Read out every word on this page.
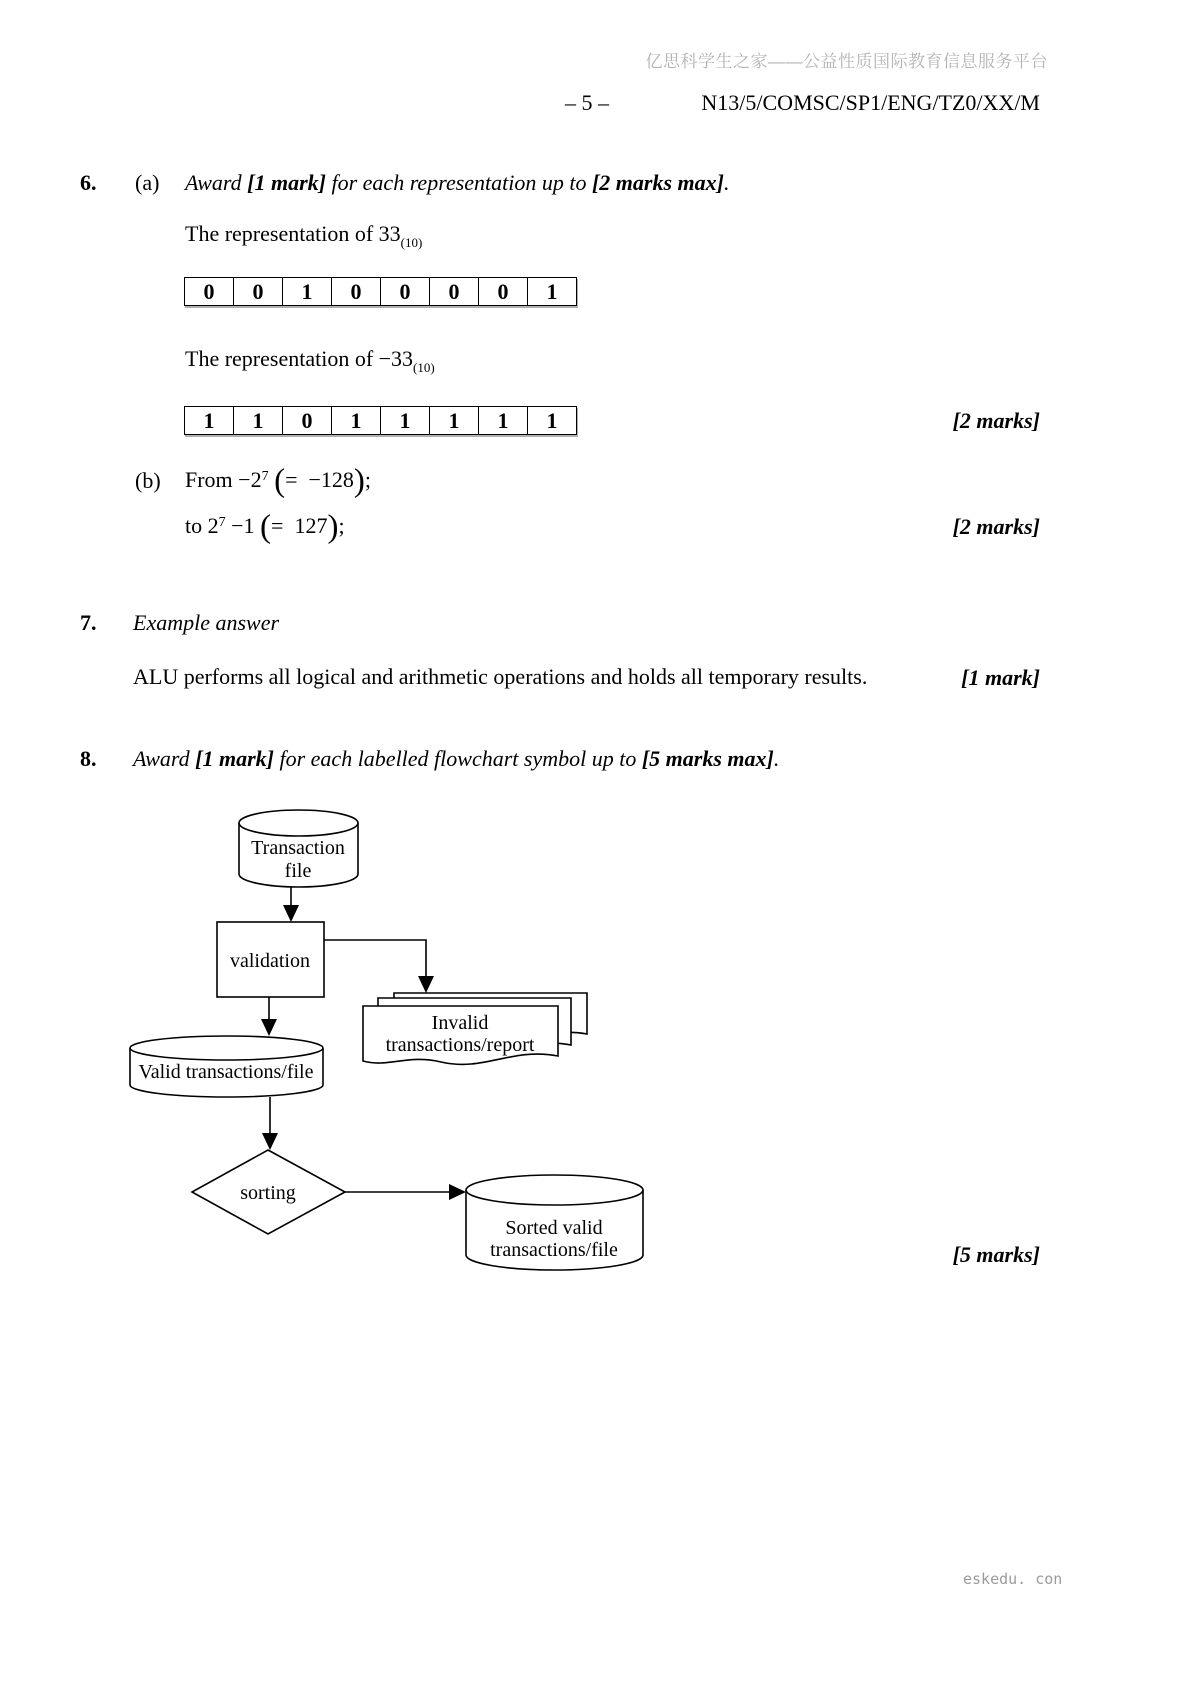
亿思科学生之家——公益性质国际教育信息服务平台
– 5 –	N13/5/COMSC/SP1/ENG/TZ0/XX/M
6. (a) Award [1 mark] for each representation up to [2 marks max].
The representation of $33_{(10)}$
0	0	1	0	0	0	0	1
The representation of $-33_{(10)}$
1	1	0	1	1	1	1	1	[2 marks]
(b) From $-2^7$ (=  −128);
to $2^7 -1$ (=  127);	[2 marks]
7. Example answer
ALU performs all logical and arithmetic operations and holds all temporary results.	[1 mark]
8. Award [1 mark] for each labelled flowchart symbol up to [5 marks max].
Transaction
file
validation
Invalid
transactions/report
Valid transactions/file
sorting
Sorted valid
transactions/file	[5 marks]
eskedu. con
